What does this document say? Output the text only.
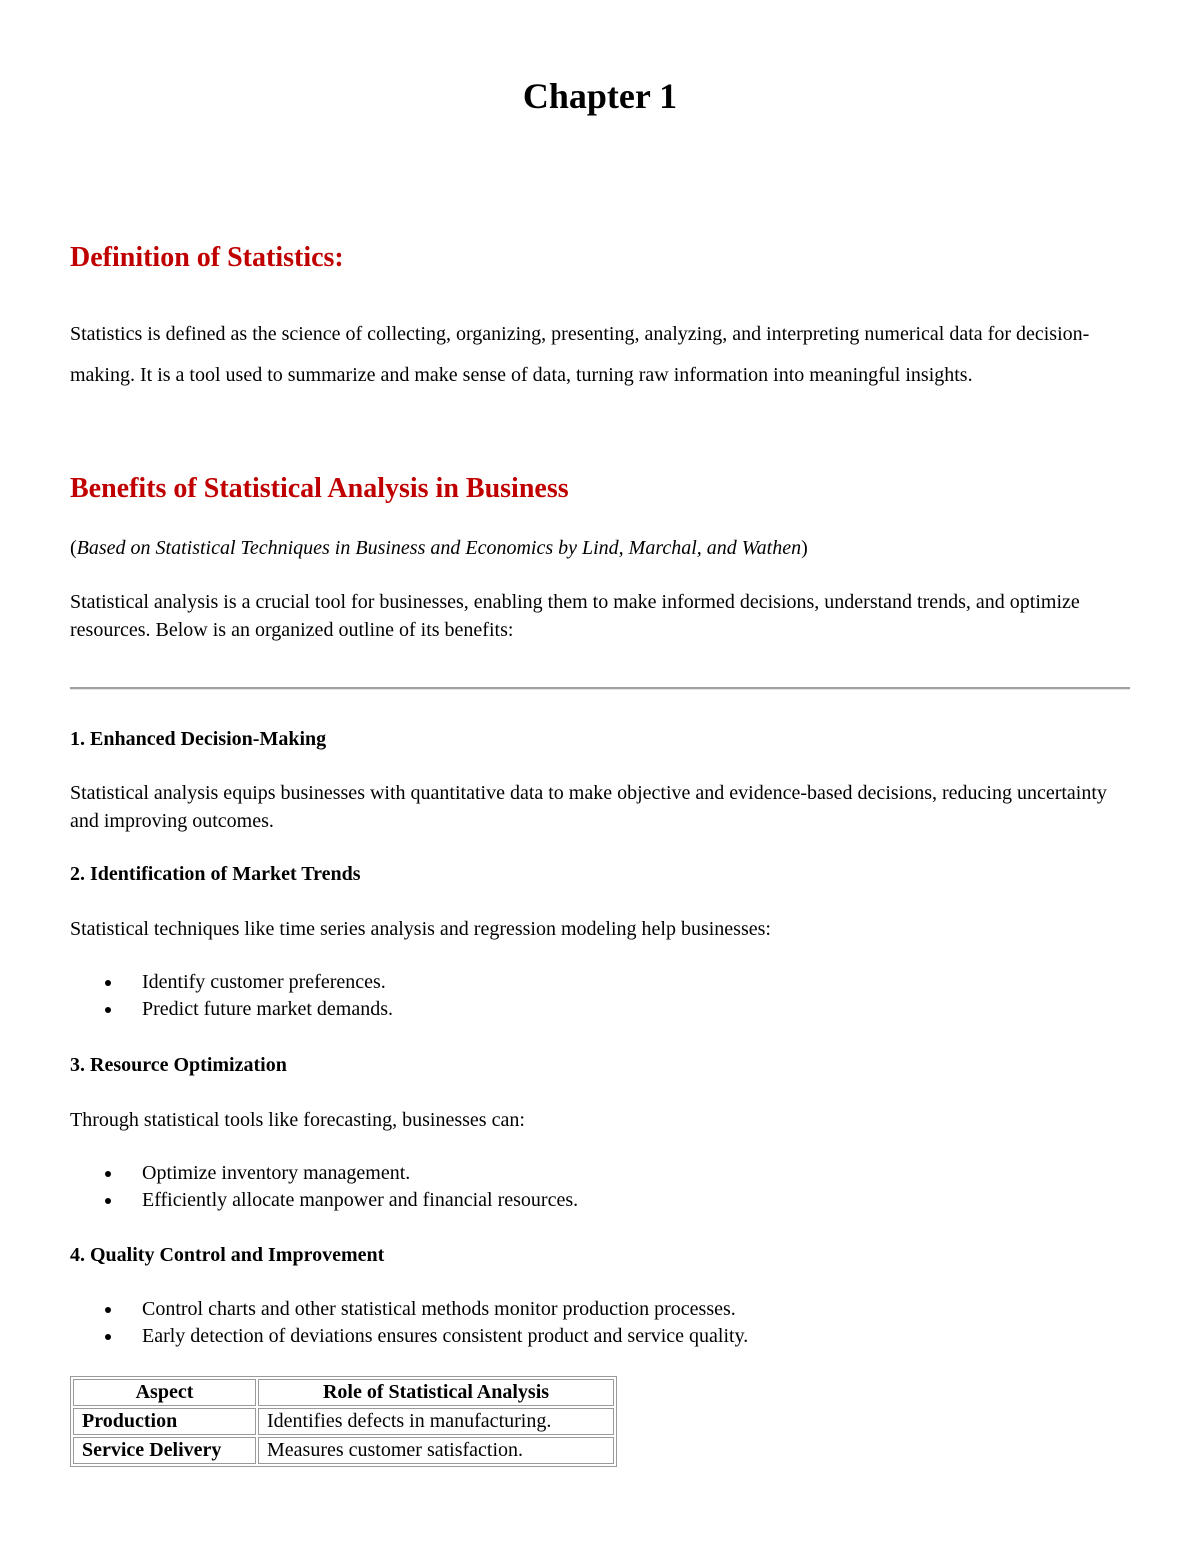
Chapter 1
Definition of Statistics:

Statistics is defined as the science of collecting, organizing, presenting, analyzing, and interpreting numerical data for decision-making. It is a tool used to summarize and make sense of data, turning raw information into meaningful insights.

Benefits of Statistical Analysis in Business

(Based on Statistical Techniques in Business and Economics by Lind, Marchal, and Wathen)

Statistical analysis is a crucial tool for businesses, enabling them to make informed decisions, understand trends, and optimize resources. Below is an organized outline of its benefits:

1. Enhanced Decision-Making

Statistical analysis equips businesses with quantitative data to make objective and evidence-based decisions, reducing uncertainty and improving outcomes.

2. Identification of Market Trends

Statistical techniques like time series analysis and regression modeling help businesses:

Identify customer preferences.
Predict future market demands.
3. Resource Optimization

Through statistical tools like forecasting, businesses can:

Optimize inventory management.
Efficiently allocate manpower and financial resources.
4. Quality Control and Improvement
Control charts and other statistical methods monitor production processes.
Early detection of deviations ensures consistent product and service quality.
Aspect	Role of Statistical Analysis
Production	Identifies defects in manufacturing.
Service Delivery	Measures customer satisfaction.
